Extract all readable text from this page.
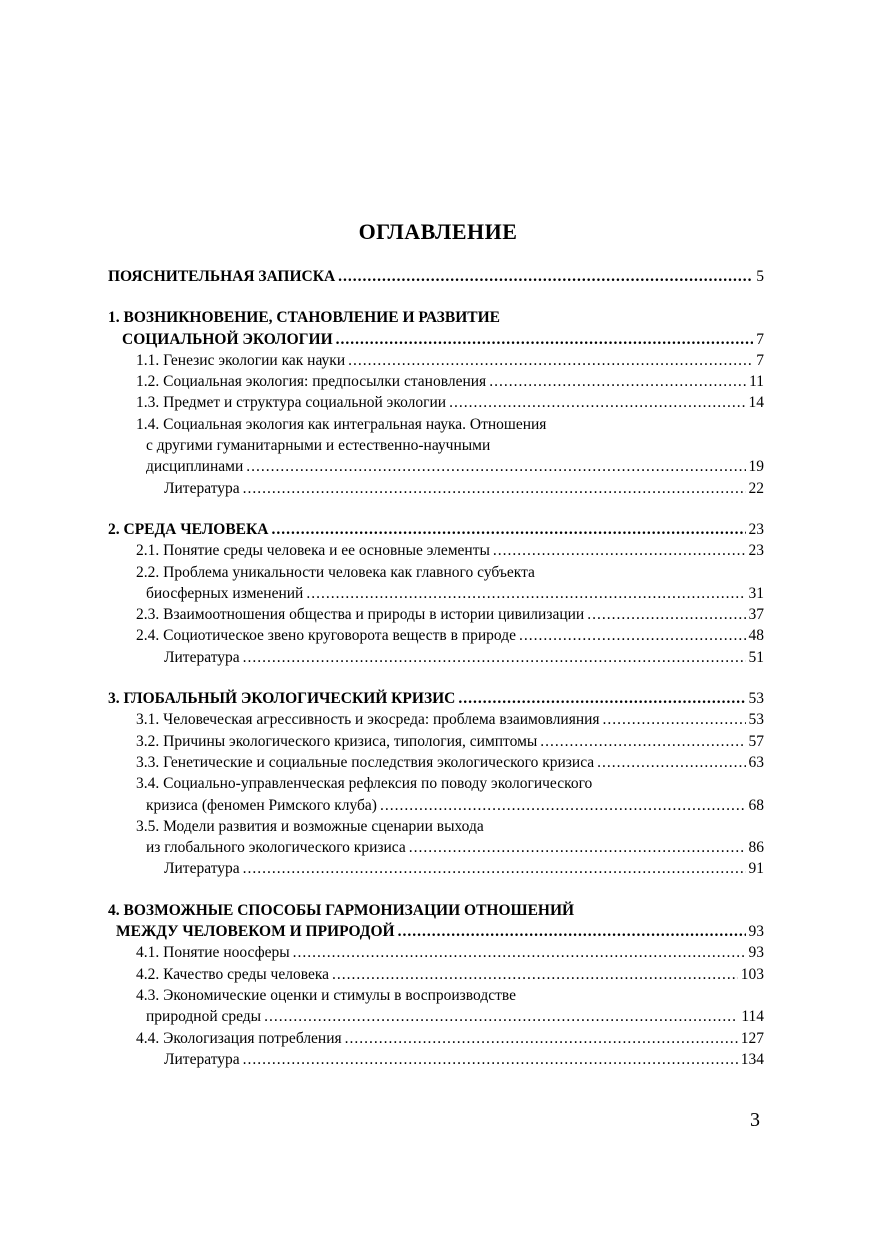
ОГЛАВЛЕНИЕ
ПОЯСНИТЕЛЬНАЯ ЗАПИСКА .....	5
1. ВОЗНИКНОВЕНИЕ, СТАНОВЛЕНИЕ И РАЗВИТИЕ
СОЦИАЛЬНОЙ ЭКОЛОГИИ .....	7
1.1. Генезис экологии как науки .....	7
1.2. Социальная экология: предпосылки становления .....	11
1.3. Предмет и структура социальной экологии .....	14
1.4. Социальная экология как интегральная наука. Отношения
с другими гуманитарными и естественно-научными
дисциплинами .....	19
Литература .....	22
2. СРЕДА ЧЕЛОВЕКА .....	23
2.1. Понятие среды человека и ее основные элементы .....	23
2.2. Проблема уникальности человека как главного субъекта
биосферных изменений .....	31
2.3. Взаимоотношения общества и природы в истории цивилизации .....	37
2.4. Социотическое звено круговорота веществ в природе .....	48
Литература .....	51
3. ГЛОБАЛЬНЫЙ ЭКОЛОГИЧЕСКИЙ КРИЗИС .....	53
3.1. Человеческая агрессивность и экосреда: проблема взаимовлияния .....	53
3.2. Причины экологического кризиса, типология, симптомы .....	57
3.3. Генетические и социальные последствия экологического кризиса .....	63
3.4. Социально-управленческая рефлексия по поводу экологического
кризиса (феномен Римского клуба) .....	68
3.5. Модели развития и возможные сценарии выхода
из глобального экологического кризиса .....	86
Литература .....	91
4. ВОЗМОЖНЫЕ СПОСОБЫ ГАРМОНИЗАЦИИ ОТНОШЕНИЙ
МЕЖДУ ЧЕЛОВЕКОМ И ПРИРОДОЙ .....	93
4.1. Понятие ноосферы .....	93
4.2. Качество среды человека .....	103
4.3. Экономические оценки и стимулы в воспроизводстве
природной среды .....	114
4.4. Экологизация потребления .....	127
Литература .....	134
3
